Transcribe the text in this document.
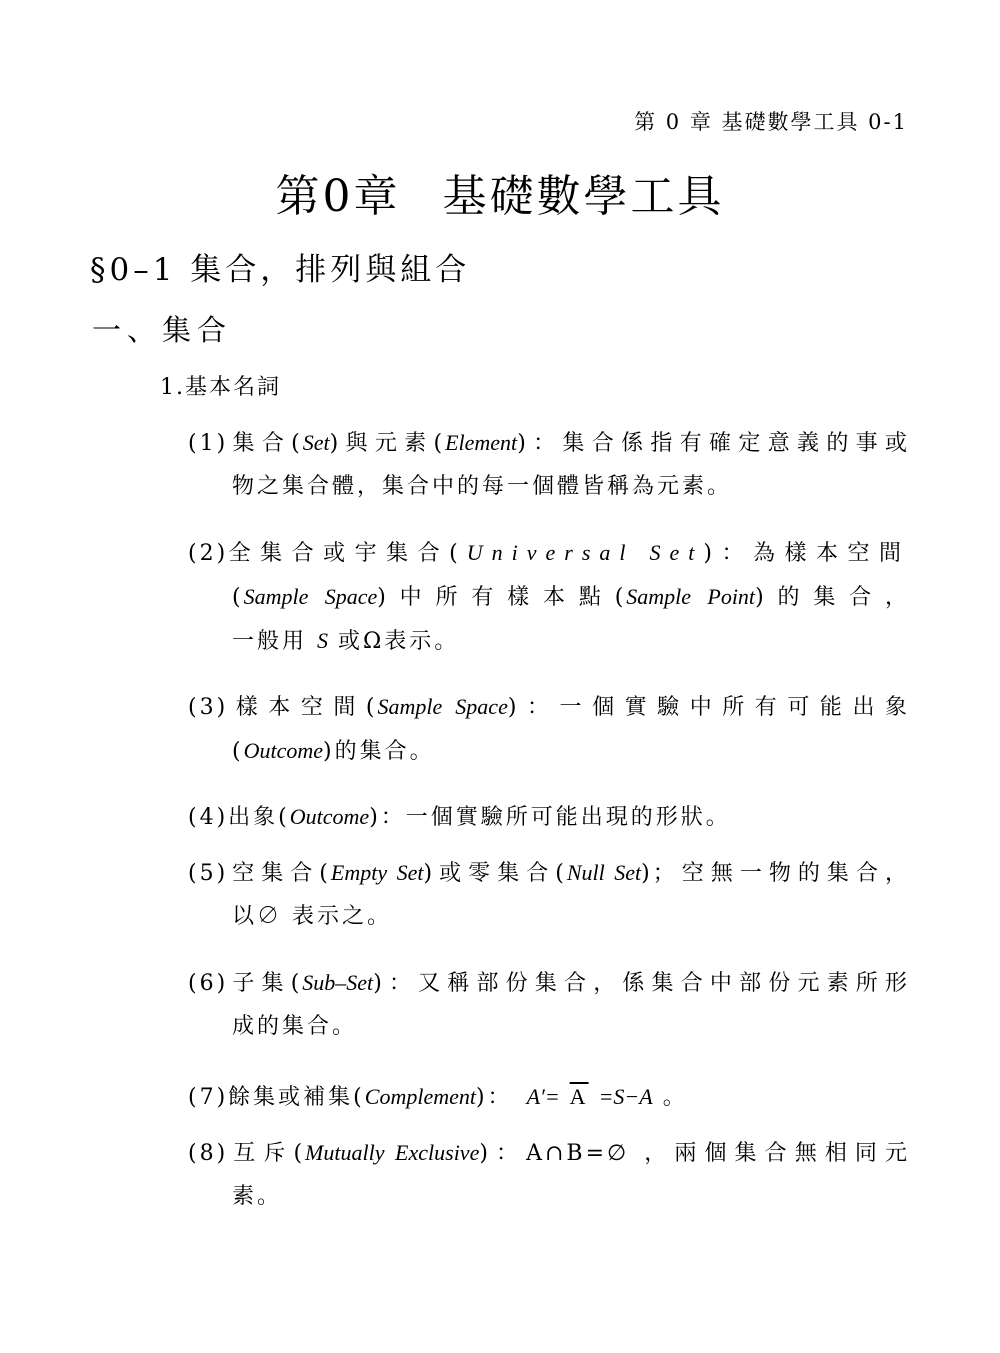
第 0 章 基礎數學工具 0-1
第0章 基礎數學工具
§0–1 集合，排列與組合
一、集合
1.基本名詞
(1)集合(Set)與元素(Element)：集合係指有確定意義的事或
物之集合體，集合中的每一個體皆稱為元素。
(2)全集合或宇集合(Universal Set)：為樣本空間
(Sample Space)中所有樣本點(Sample Point)的集合，
一般用 S 或Ω表示。
(3)樣本空間(Sample Space)：一個實驗中所有可能出象
(Outcome)的集合。
(4)出象(Outcome)：一個實驗所可能出現的形狀。
(5)空集合(Empty Set)或零集合(Null Set)；空無一物的集合，
以∅ 表示之。
(6)子集(Sub–Set)：又稱部份集合，係集合中部份元素所形
成的集合。
(7)餘集或補集(Complement)： $A'= \overline{A} =S-A$ 。
(8)互斥(Mutually Exclusive)：A∩B=∅ ，兩個集合無相同元
素。
